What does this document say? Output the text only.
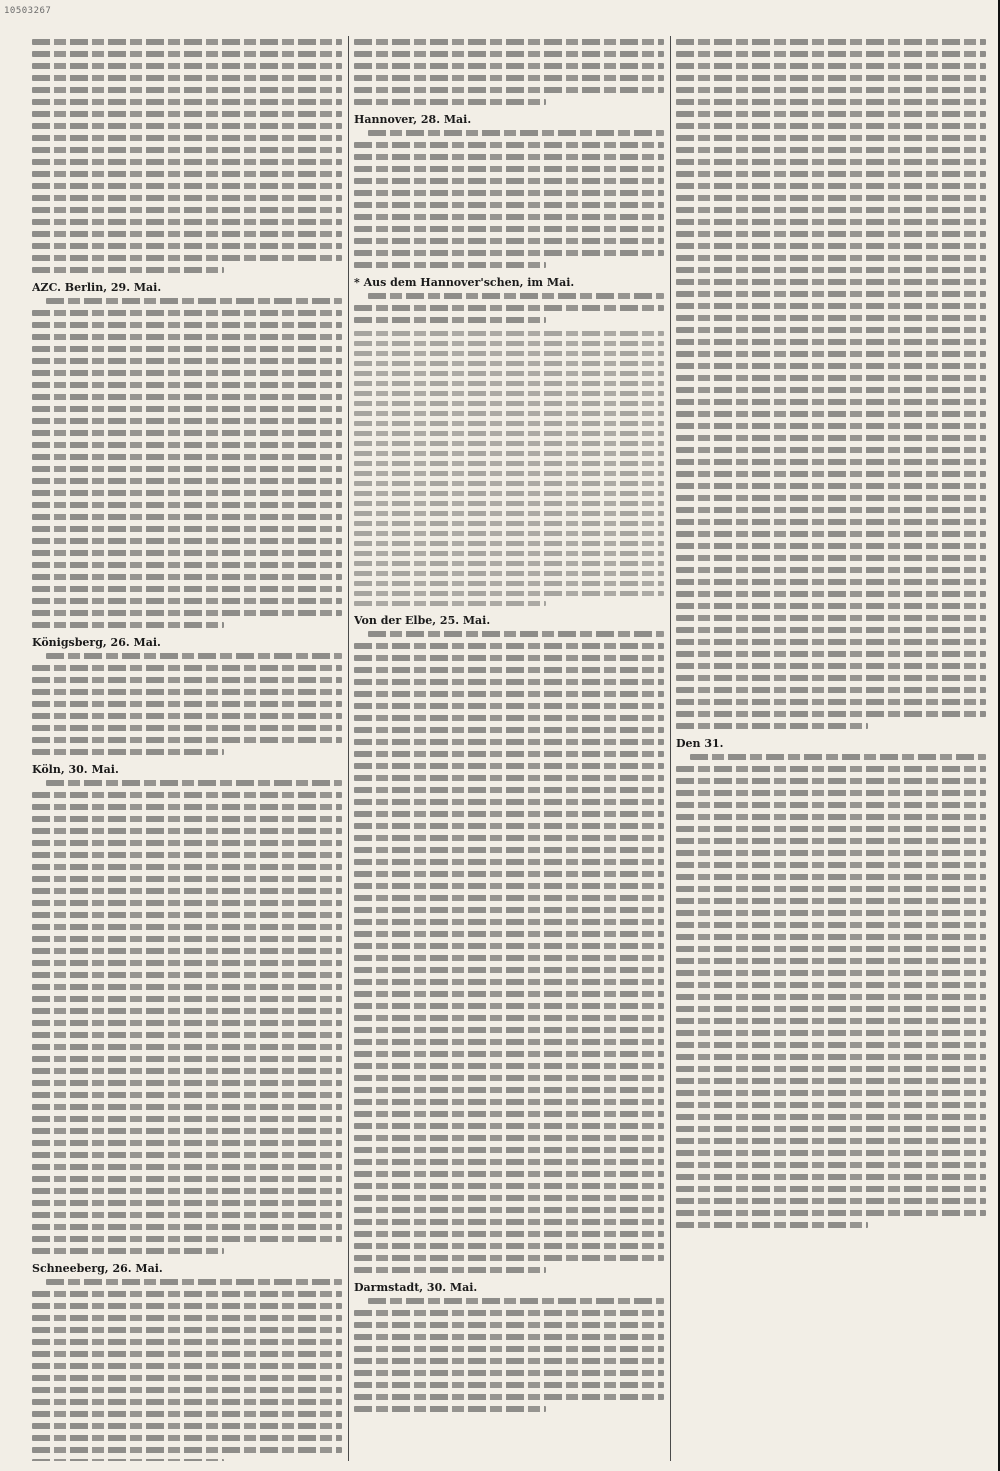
10503267
AZC. Berlin, 29. Mai.
Königsberg, 26. Mai.
Köln, 30. Mai.
Schneeberg, 26. Mai.
Hannover, 28. Mai.
* Aus dem Hannover'schen, im Mai.
Von der Elbe, 25. Mai.
Darmstadt, 30. Mai.
Den 31.
